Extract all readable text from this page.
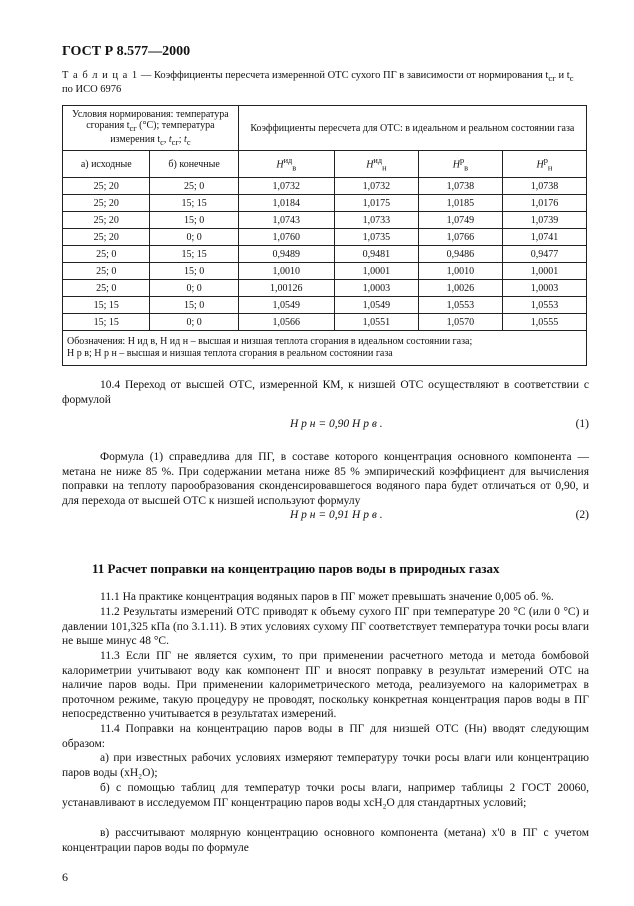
ГОСТ Р 8.577—2000
Т а б л и ц а 1 — Коэффициенты пересчета измеренной ОТС сухого ПГ в зависимости от нормирования $t_{сг}$ и $t_с$ по ИСО 6976
Условия нормирования: температура сгорания $t_{сг}$ (°С); температура измерения $t_с$, $t_{сг}$; $t_с$		Коэффициенты пересчета для ОТС: в идеальном и реальном состоянии газа			
а) исходные	б) конечные	$H^{ид}_в$	$H^{ид}_н$	$H^р_в$	$H^р_н$
25; 20	25; 0	1,0732	1,0732	1,0738	1,0738
25; 20	15; 15	1,0184	1,0175	1,0185	1,0176
25; 20	15; 0	1,0743	1,0733	1,0749	1,0739
25; 20	0; 0	1,0760	1,0735	1,0766	1,0741
25; 0	15; 15	0,9489	0,9481	0,9486	0,9477
25; 0	15; 0	1,0010	1,0001	1,0010	1,0001
25; 0	0; 0	1,00126	1,0003	1,0026	1,0003
15; 15	15; 0	1,0549	1,0549	1,0553	1,0553
15; 15	0; 0	1,0566	1,0551	1,0570	1,0555

Обозначения: H ид в, H ид н – высшая и низшая теплота сгорания в идеальном состоянии газа;
H р в; H р н – высшая и низшая теплота сгорания в реальном состоянии газа					
10.4 Переход от высшей ОТС, измеренной КМ, к низшей ОТС осуществляют в соответствии с формулой
H р н = 0,90 H р в .	(1)
Формула (1) справедлива для ПГ, в составе которого концентрация основного компонента — метана не ниже 85 %. При содержании метана ниже 85 % эмпирический коэффициент для вычисления поправки на теплоту парообразования сконденсировавшегося водяного пара будет отличаться от 0,90, и для перехода от высшей ОТС к низшей используют формулу
H р н = 0,91 H р в .	(2)
11 Расчет поправки на концентрацию паров воды в природных газах
11.1 На практике концентрация водяных паров в ПГ может превышать значение 0,005 об. %.
11.2 Результаты измерений ОТС приводят к объему сухого ПГ при температуре 20 °С (или 0 °С) и давлении 101,325 кПа (по 3.1.11). В этих условиях сухому ПГ соответствует температура точки росы влаги не выше минус 48 °С.
11.3 Если ПГ не является сухим, то при применении расчетного метода и метода бомбовой калориметрии учитывают воду как компонент ПГ и вносят поправку в результат измерений ОТС на наличие паров воды. При применении калориметрического метода, реализуемого на калориметрах в проточном режиме, такую процедуру не проводят, поскольку конкретная концентрация паров воды в ПГ непосредственно учитывается в результатах измерений.
11.4 Поправки на концентрацию паров воды в ПГ для низшей ОТС (Hн) вводят следующим образом:
а) при известных рабочих условиях измеряют температуру точки росы влаги или концентрацию паров воды (xH₂O);
б) с помощью таблиц для температур точки росы влаги, например таблицы 2 ГОСТ 20060, устанавливают в исследуемом ПГ концентрацию паров воды xсH₂O для стандартных условий;
в) рассчитывают молярную концентрацию основного компонента (метана) x'0 в ПГ с учетом концентрации паров воды по формуле
6
